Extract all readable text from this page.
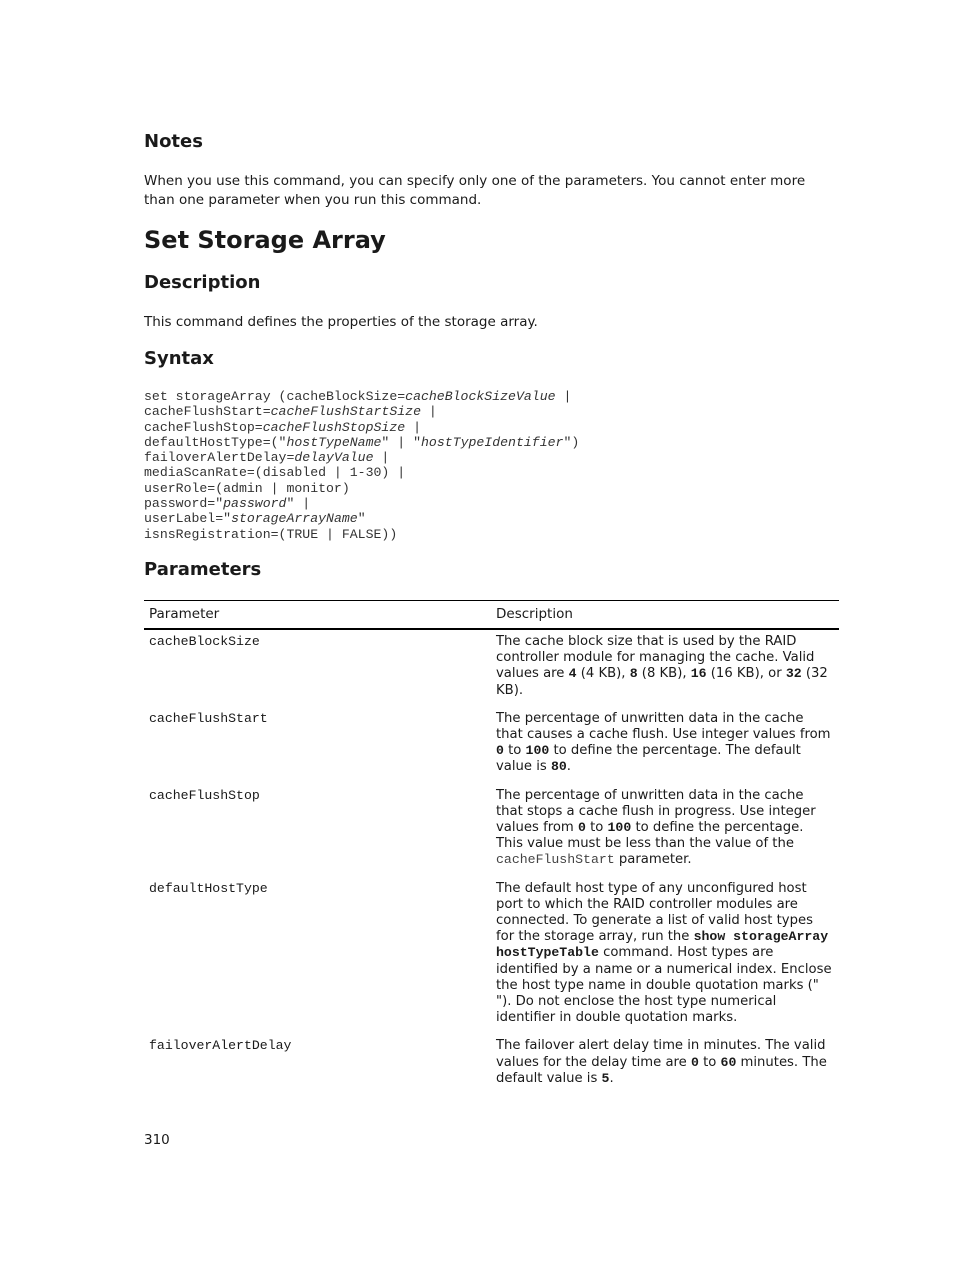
Notes

When you use this command, you can specify only one of the parameters. You cannot enter more than one parameter when you run this command.

Set Storage Array
Description

This command defines the properties of the storage array.

Syntax
set storageArray (cacheBlockSize=cacheBlockSizeValue |
cacheFlushStart=cacheFlushStartSize |
cacheFlushStop=cacheFlushStopSize |
defaultHostType=("hostTypeName" | "hostTypeIdentifier")
failoverAlertDelay=delayValue |
mediaScanRate=(disabled | 1-30) |
userRole=(admin | monitor)
password="password" |
userLabel="storageArrayName"
isnsRegistration=(TRUE | FALSE))
Parameters
Parameter	Description
cacheBlockSize	The cache block size that is used by the RAID controller module for managing the cache. Valid values are 4 (4 KB), 8 (8 KB), 16 (16 KB), or 32 (32 KB).
cacheFlushStart	The percentage of unwritten data in the cache that causes a cache flush. Use integer values from 0 to 100 to define the percentage. The default value is 80.
cacheFlushStop	The percentage of unwritten data in the cache that stops a cache flush in progress. Use integer values from 0 to 100 to define the percentage. This value must be less than the value of the cacheFlushStart parameter.
defaultHostType	The default host type of any unconfigured host port to which the RAID controller modules are connected. To generate a list of valid host types for the storage array, run the show storageArray hostTypeTable command. Host types are identified by a name or a numerical index. Enclose the host type name in double quotation marks (" "). Do not enclose the host type numerical identifier in double quotation marks.
failoverAlertDelay	The failover alert delay time in minutes. The valid values for the delay time are 0 to 60 minutes. The default value is 5.

310
